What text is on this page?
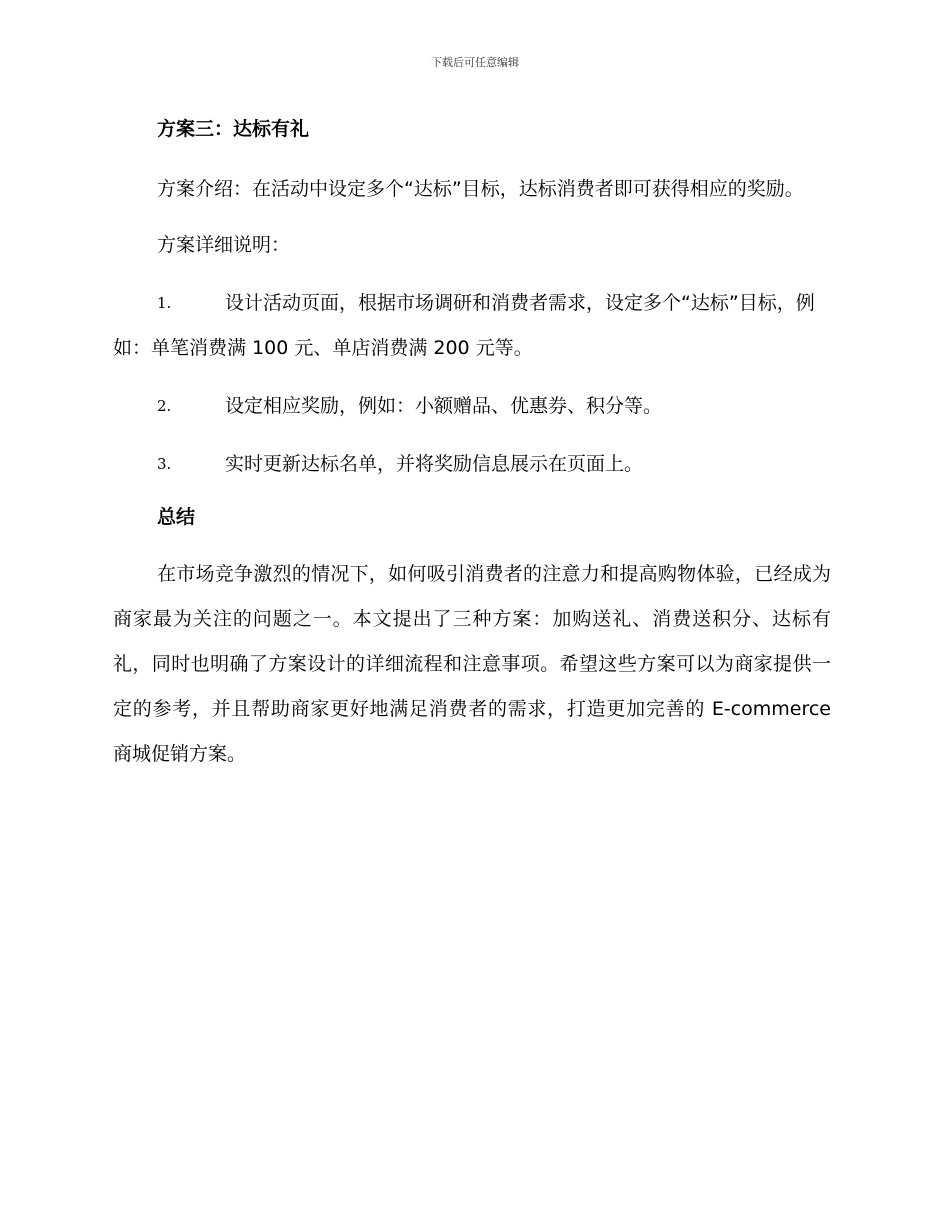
下载后可任意编辑
方案三：达标有礼

方案介绍：在活动中设定多个“达标”目标，达标消费者即可获得相应的奖励。

方案详细说明：

1.	设计活动页面，根据市场调研和消费者需求，设定多个“达标”目标，例如：单笔消费满 100 元、单店消费满 200 元等。
2.	设定相应奖励，例如：小额赠品、优惠券、积分等。
3.	实时更新达标名单，并将奖励信息展示在页面上。
总结

在市场竞争激烈的情况下，如何吸引消费者的注意力和提高购物体验，已经成为商家最为关注的问题之一。本文提出了三种方案：加购送礼、消费送积分、达标有礼，同时也明确了方案设计的详细流程和注意事项。希望这些方案可以为商家提供一定的参考，并且帮助商家更好地满足消费者的需求，打造更加完善的 E-commerce 商城促销方案。
